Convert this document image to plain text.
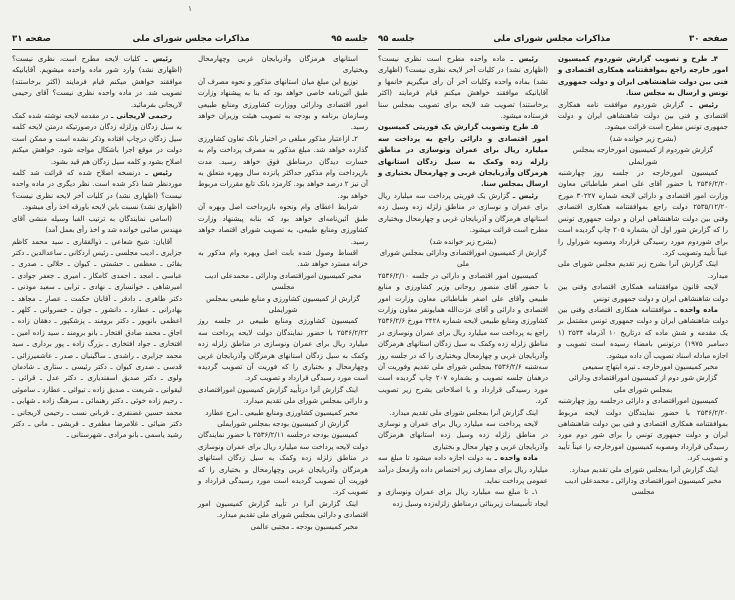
۱
جلسه ۹۵
مذاکرات مجلس شورای ملی
صفحه ۳۱

استانهای هرمزگان وآذربایجان غربی وچهارمحال وبختیاری

توزیع این مبلغ میان استانهای مذکور و نحوه مصرف آن طبق آئین‌نامه خاصی خواهد بود که بنا به پیشنهاد وزارت امور اقتصادی ودارائی ووزارت کشاورزی ومنابع طبیعی وسازمان برنامه و بودجه به تصویب هیئت وزیران خواهد رسید.

۲ـ ازاعتبار مذکور مبلغی در اختیار بانک تعاون کشاورزی گذارده خواهد شد. مبلغ مذکور به مصرف پرداخت وام به خسارت دیدگان درمناطق فوق خواهد رسید. مدت بازپرداخت وام مذکور حداکثر پانزده سال وبهره متعلق به آن نیز ۲ درصد خواهد بود. کارمزد بانک تابع مقررات مربوط خواهد بود.

شرایط اعطای وام ونحوه بازپرداخت اصل وبهره آن طبق آئین‌نامه‌ای خواهد بود که بنابه پیشنهاد وزارت کشاورزی ومنابع طبیعی، به تصویب شورای اقتصاد خواهد رسید.

اقساط وصول شده بابت اصل وبهره وام مذکور به خزانه مسترد خواهد شد.

مخبر کمیسیون اموراقتصادی ودارائی ـ محمدعلی ادیب مجلسی

گزارش از کمیسیون کشاورزی و منابع طبیعی بمجلس شورایملی

کمیسیون کشاورزی ومنابع طبیعی در جلسه روز ۲۵۳۶/۲/۲۲ با حضور نمایندگان دولت لایحه پرداخت سه میلیارد ریال برای عمران ونوسازی در مناطق زلزله زده وکمک به سیل زدگان استانهای هرمزگان وآذربایجان غربی وچهارمحال و بختیاری را که فوریت آن تصویب گردیده است مورد رسیدگی قرارداد و تصویب کرد.

اینک گزارش آنرا درتأیید گزارش کمیسیون اموراقتصادی و دارائی بمجلس شورای ملی تقدیم میدارد.

مخبر کمیسیون کشاورزی ومنابع طبیعی ـ ایرج عطارد

گزارش از کمیسیون بودجه بمجلس شورایملی

کمیسیون بودجه درجلسه ۲۵۳۶/۲/۱۱ با حضور نمایندگان دولت لایحه پرداخت سه میلیارد ریال برای عمران ونوسازی در مناطق زلزله زده وکمک به سیل زدگان استانهای هرمزگان وآذربایجان غربی وچهارمحال و بختیاری را که فوریت آن تصویب گردیده است مورد رسیدگی قرارداد و تصویب کرد.

اینک گزارش آنرا در تأیید گزارش کمیسیون امور اقتصادی و دارائی بمجلس شورای ملی تقدیم میدارد.

مخبر کمیسیون بودجه ـ مجتبی عالمی

رئیس ـ کلیات لایحه مطرح است، نظری نیست؟ (اظهاری نشد) وارد شور ماده واحده میشویم. آقایانیکه موافقند خواهش میکنم قیام فرمایند (اکثر برخاستند) تصویب شد. در ماده واحده نظری نیست؟ آقای رحیمی لاریجانی بفرمائید.

رحیمی لاریجانی ـ در مقدمه لایحه نوشته شده کمک به سیل زدگان وزلزله زدگان درصورتیکه درمتن لایحه کلمه سیل زدگان درچاپ افتاده وذکر نشده است و ممکن است دولت در موقع اجرا باشکال مواجه شود. خواهش میکنم اصلاح بشود و کلمه سیل زدگان هم قید بشود.

رئیس ـ درنسخه اصلاح شده که قرائت شد کلمه موردنظر شما ذکر شده است. نظر دیگری در ماده واحده نیست؟ (اظهاری نشد) در کلیات آخر لایحه نظری نیست؟ (اظهاری نشد) نسبت باین لایحه باورقه اخذ رأی میشود.

(اسامی نمایندگان به ترتیب الفبا وسیله منشی آقای مهندس صائبی خوانده شد و اخذ رأی بعمل آمد)

آقایان: شیخ شعاعی ـ ذوالفقاری ـ سید محمد کاظم جزایری ـ ادیب مجلسی ـ رئیس اردکانی ـ ساعدالدین ـ دکتر بقائی ـ معظمی ـ حشمتی ـ کیوان ـ حلالی ـ صدری ـ عباسی ـ امجد ـ احمدی کامکار ـ امیری ـ جعفر جوادی ـ امیرشاهی ـ خوانساری ـ نهادی ـ ترابی ـ سعید موذنی ـ دکتر طاهری ـ دادفر ـ آقایان حکمت ـ عصار ـ مجاهد ـ بهادرانی ـ عطارد ـ دانشور ـ جوان ـ خسروانی ـ کلهر ـ اعظمی بانوپور ـ دکتر برومند ـ پزشکپور ـ دهقان زاده ـ اجاق ـ محمد صادق افتخار ـ بانو برومند ـ سید زاده امین ـ افتخاری ـ جواد افتخاری ـ بزرگ زاده ـ پور برداری ـ سید محمد جزایری ـ راشدی ـ ساگینیان ـ صدر ـ عاشمیرزائی ـ قدسی ـ صدری کیوان ـ دکتر رئیسی ـ ستاری ـ شادمان ولوی ـ دکتر صدیق اسفندیاری ـ دکتر عدل ـ قرائی ـ لیقوانی ـ شریعت ـ صدیق زاده ـ تیوائی ـ عطارد ـ ساموئی ـ رحیم زاده خوئی ـ دکتر رهنمائی ـ سرهنگ زاده ـ شهابی ـ محمد حسین غضنفری ـ قربانی نسب ـ رحیمی لاریجانی ـ دکتر ضیائی ـ غلامرضا مظفری ـ قریشی ـ مانی ـ دکتر رشید یاسمی ـ بانو مرادی ـ شهرستانی ـ

صفحه ۳۰
مذاکرات مجلس شورای ملی
جلسه ۹۵

۴ـ طرح و تصویب گزارش شوردوم کمیسیون امور خارجه راجع بموافقتنامه همکاری اقتصادی و فنی بین دولت شاهنشاهی ایران و دولت جمهوری تونس و ارسال به مجلس سنا.

رئیس ـ گزارش شوردوم موافقت نامه همکاری اقتصادی و فنی بین دولت شاهنشاهی ایران و دولت جمهوری تونس مطرح است قرائت میشود.

(بشرح زیر خوانده شد)

گزارش شوردوم از کمیسیون امورخارجه بمجلس شورایملی

کمیسیون امورخارجه در جلسه روز چهارشنبه ۲۵۳۶/۲/۲۰ با حضور آقای علی اصغر طباطبائی معاون وزارت امور اقتصادی و دارائی لایحه شماره ۳۰۲۲۷ مورخ ۲۵۳۵/۱۲/۲۰ دولت راجع بموافقتنامه همکاری اقتصادی وفنی بین دولت شاهنشاهی ایران و دولت جمهوری تونس را که گزارش شور اول آن بشماره ۲۰۵ چاپ گردیده است برای شوردوم مورد رسیدگی قرارداد ومصوبه شوراول را عیناً تأیید وتصویب کرد.

اینک گزارش آنرا بشرح زیر تقدیم مجلس شورای ملی میدارد.

لایحه قانون موافقتنامه همکاری اقتصادی وفنی بین دولت شاهنشاهی ایران و دولت جمهوری تونس

ماده واحده ـ موافقتنامه همکاری اقتصادی وفنی بین دولت شاهنشاهی ایران و دولت جمهوری تونس مشتمل بر یک مقدمه و شش ماده که درتاریخ ۱۰ آذرماه ۲۵۳۴ (۱ دسامبر ۱۹۷۵) درتونس بامضاء رسیده است تصویب و اجازه مبادله اسناد تصویب آن داده میشود.

مخبر کمیسیون امورخارجه ـ نیره ابتهاج سمیعی

گزارش شور دوم از کمیسیون اموراقتصادی ودارائی بمجلس شورای ملی

کمیسیون اموراقتصادی و دارائی درجلسه روز چهارشنبه ۲۵۳۶/۲/۲۰ با حضور نمایندگان دولت لایحه مربوط بموافقتنامه همکاری اقتصادی و فنی بین دولت شاهنشاهی ایران و دولت جمهوری تونس را برای شور دوم مورد رسیدگی قرارداد ومصوبه کمیسیون امورخارجه را عیناً تأیید و تصویب کرد.

اینک گزارش آنرا بمجلس شورای ملی تقدیم میدارد.

مخبر کمیسیون اموراقتصادی ودارائی ـ محمدعلی ادیب مجلسی

رئیس ـ ماده واحده مطرح است نظری نیست؟ (اظهاری نشد) در کلیات آخر لایحه نظری نیست؟ (اظهاری نشد) بماده واحده وکلیات آخر آن رأی میگیریم خانمها و آقایانیکه موافقند خواهش میکنم قیام فرمایند (اکثر برخاستند) تصویب شد لایحه برای تصویب بمجلس سنا فرستاده میشود.

۵ـ طرح وتصویب گزارش یک فوریتی کمیسیون امور اقتصادی و دارائی راجع به پرداخت سه میلیارد ریال برای عمران ونوسازی در مناطق زلزله زده وکمک به سیل زدگان استانهای هرمزگان وآذربایجان غربی و چهارمحال بختیاری و ارسال بمجلس سنا.

رئیس ـ گزارش یک فوریتی پرداخت سه میلیارد ریال برای عمران و نوسازی در مناطق زلزله زده وسیل زده استانهای هرمزگان و آذربایجان غربی و چهارمحال وبختیاری مطرح است قرائت میشود.

(بشرح زیر خوانده شد)

گزارش از کمیسیون اموراقتصادی ودارائی بمجلس شورای ملی

کمیسیون امور اقتصادی و دارائی در جلسه ۲۵۳۶/۲/۱۰ با حضور آقای منصور روحانی وزیر کشاورزی و منابع طبیعی وآقای علی اصغر طباطبائی معاون وزارت امور اقتصادی و دارائی و آقای عزت‌الله همایونفر معاون وزارت کشاورزی ومنابع طبیعی لایحه شماره ۲۴۲۸ مورخ ۲۵۳۶/۲/۶ راجع به پرداخت سه میلیارد ریال برای عمران ونوسازی در مناطق زلزله زده وکمک به سیل زدگان استانهای هرمزگان وآذربایجان غربی و چهارمحال وبختیاری را که در جلسه روز سه‌شنبه ۲۵۳۶/۲/۶ بمجلس شورای ملی تقدیم وفوریت آن درهمان جلسه تصویب و بشماره ۲۰۷ چاپ گردیده است مورد رسیدگی قرارداد و با اصلاحاتی بشرح زیر تصویب کرد.

اینک گزارش آنرا بمجلس شورای ملی تقدیم میدارد.

لایحه پرداخت سه میلیارد ریال برای عمران و نوسازی در مناطق زلزله زده وسیل زده استانهای هرمزگان وآذربایجان غربی و چهار محال و بختیاری

ماده واحده ـ به دولت اجازه داده میشود تا مبلغ سه میلیارد ریال برای مصارف زیر اختصاص داده وازمحل درآمد عمومی پرداخت نماید.

۱ـ تا مبلغ سه میلیارد ریال برای عمران ونوسازی و ایجاد تأسیسات زیربنائی درمناطق زلزله‌زده وسیل زده
